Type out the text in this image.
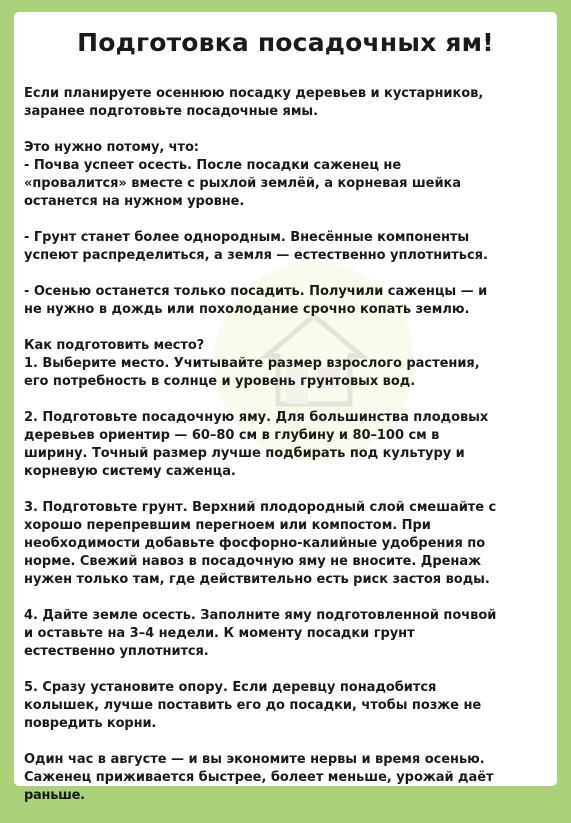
Подготовка посадочных ям!

Если планируете осеннюю посадку деревьев и кустарников,
заранее подготовьте посадочные ямы.

Это нужно потому, что:
- Почва успеет осесть. После посадки саженец не
«провалится» вместе с рыхлой землёй, а корневая шейка
останется на нужном уровне.

- Грунт станет более однородным. Внесённые компоненты
успеют распределиться, а земля — естественно уплотниться.

- Осенью останется только посадить. Получили саженцы — и
не нужно в дождь или похолодание срочно копать землю.

Как подготовить место?
1. Выберите место. Учитывайте размер взрослого растения,
его потребность в солнце и уровень грунтовых вод.

2. Подготовьте посадочную яму. Для большинства плодовых
деревьев ориентир — 60–80 см в глубину и 80–100 см в
ширину. Точный размер лучше подбирать под культуру и
корневую систему саженца.

3. Подготовьте грунт. Верхний плодородный слой смешайте с
хорошо перепревшим перегноем или компостом. При
необходимости добавьте фосфорно-калийные удобрения по
норме. Свежий навоз в посадочную яму не вносите. Дренаж
нужен только там, где действительно есть риск застоя воды.

4. Дайте земле осесть. Заполните яму подготовленной почвой
и оставьте на 3–4 недели. К моменту посадки грунт
естественно уплотнится.

5. Сразу установите опору. Если деревцу понадобится
колышек, лучше поставить его до посадки, чтобы позже не
повредить корни.

Один час в августе — и вы экономите нервы и время осенью.
Саженец приживается быстрее, болеет меньше, урожай даёт
раньше.
